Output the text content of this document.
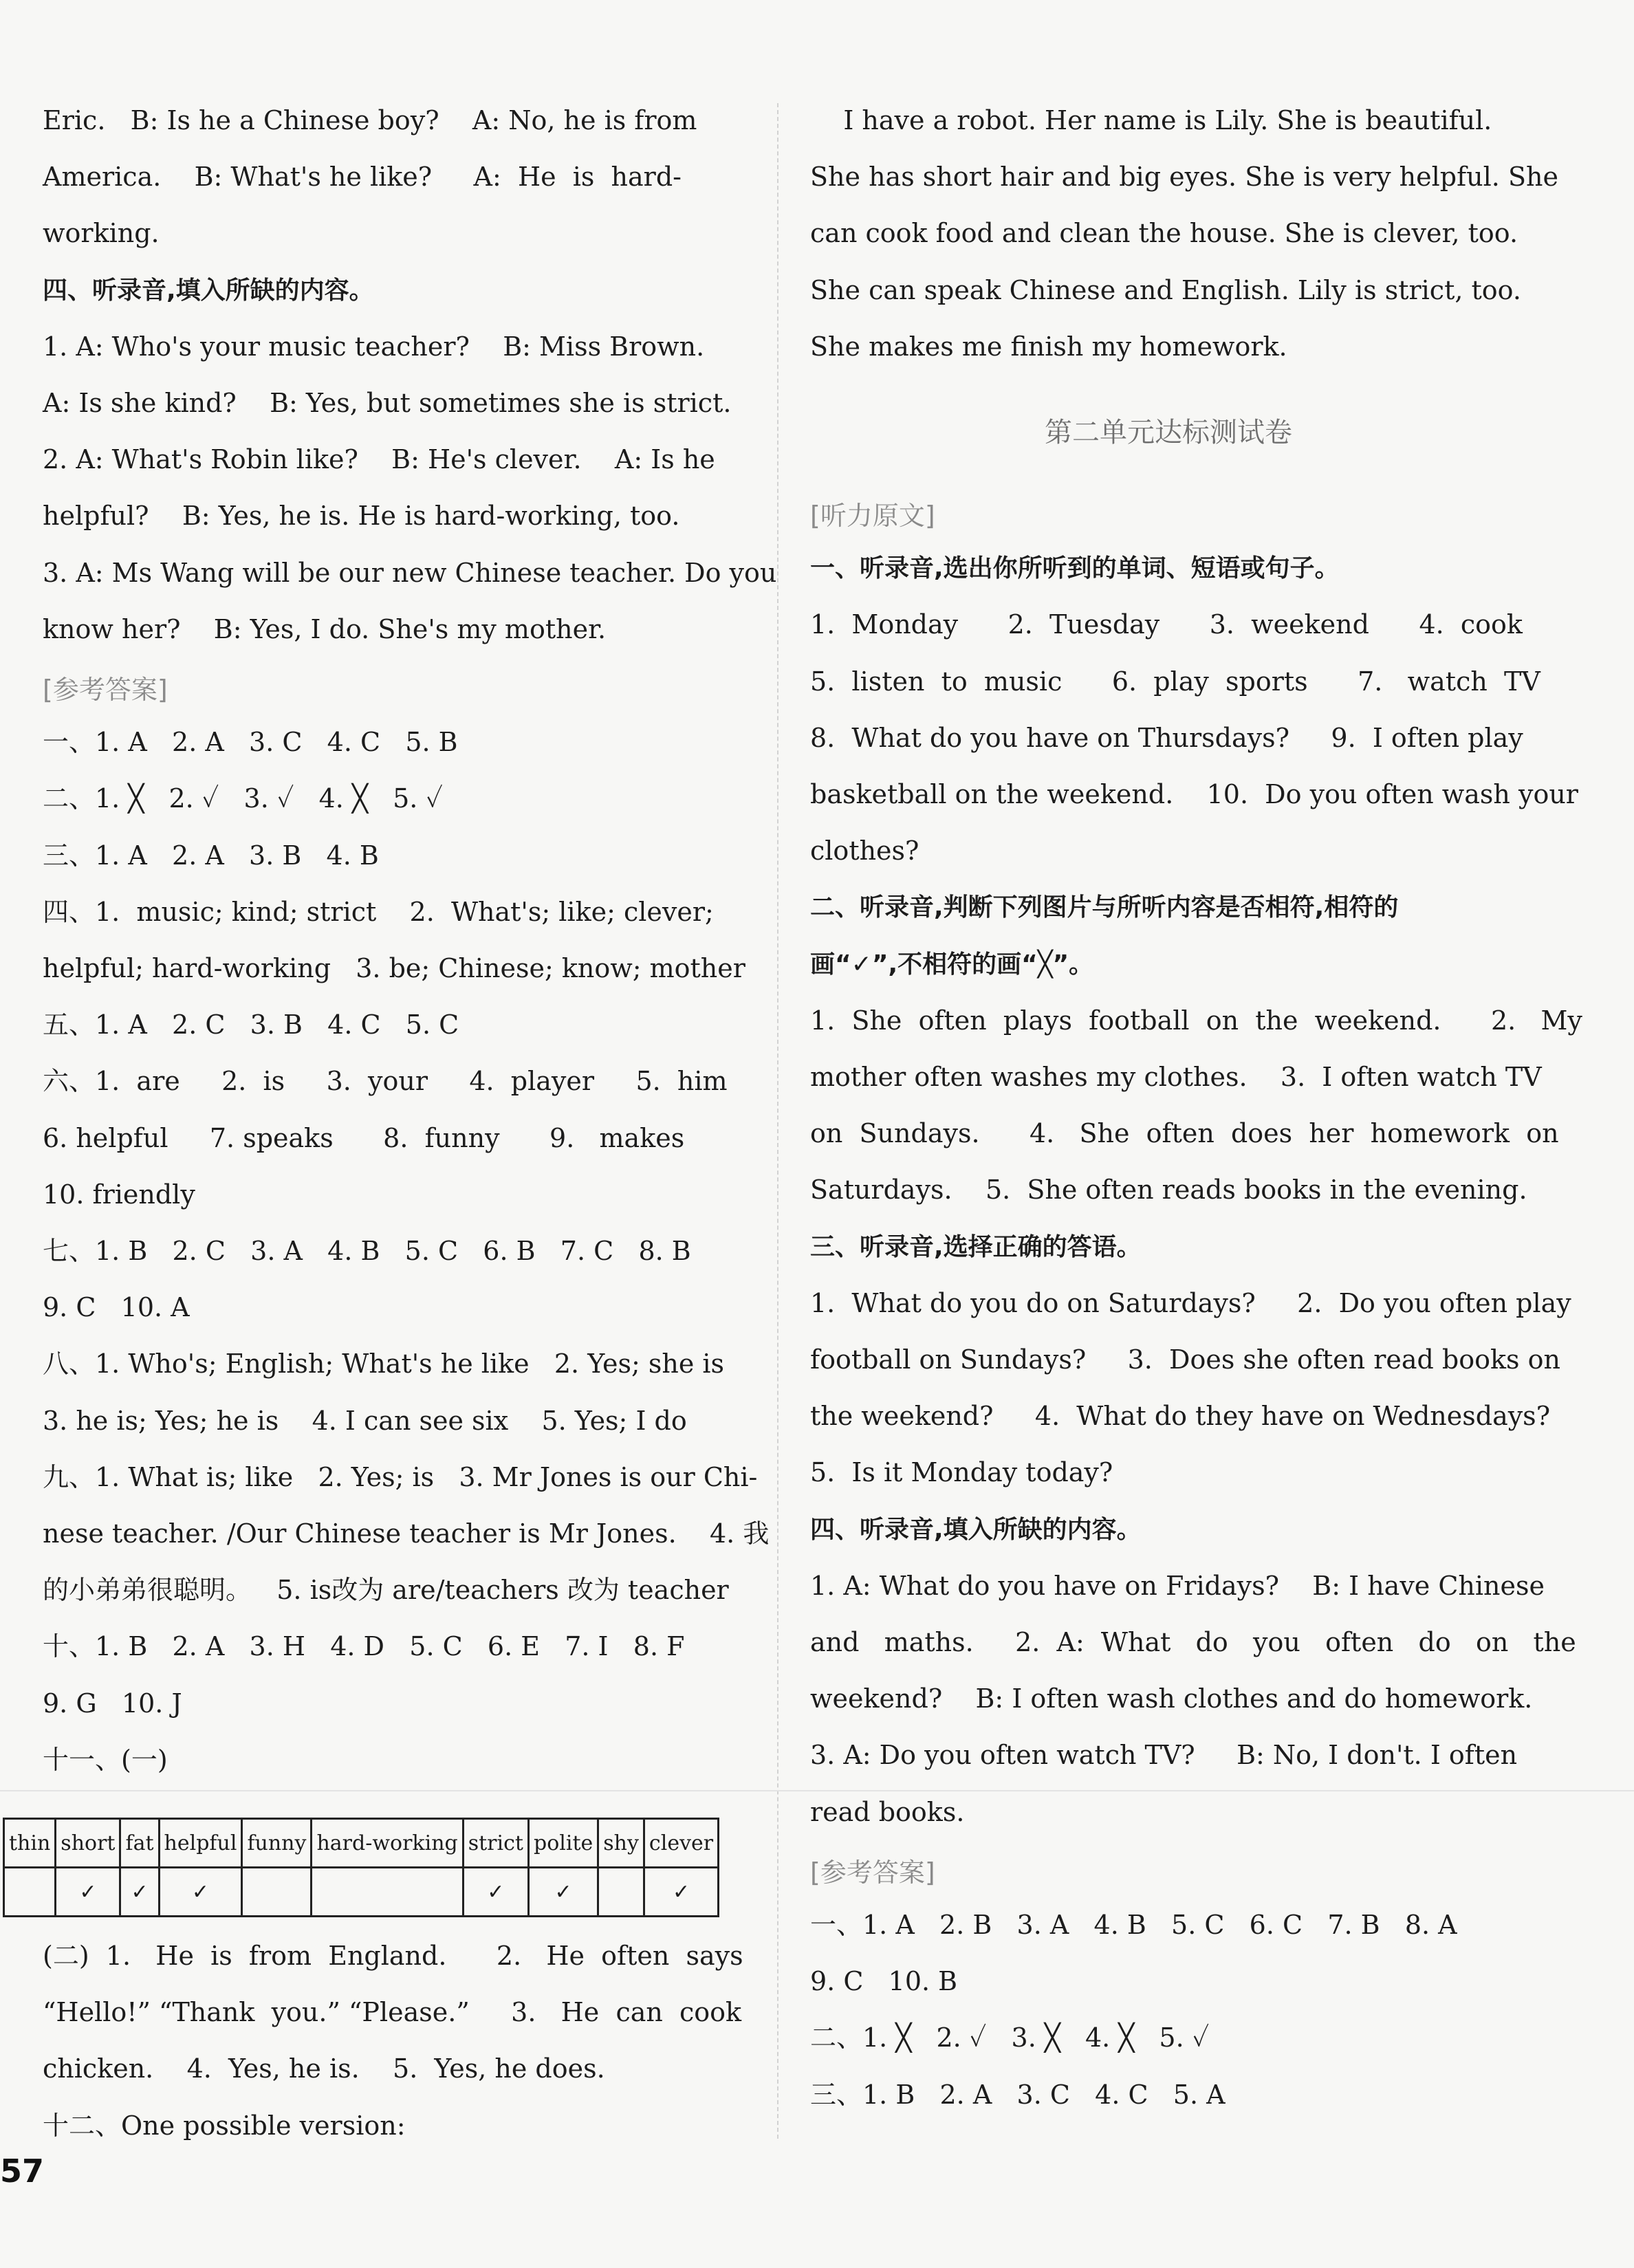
Eric.   B: Is he a Chinese boy?    A: No, he is from
America.    B: What's he like?     A:  He  is  hard-
working.
四、听录音,填入所缺的内容。
1. A: Who's your music teacher?    B: Miss Brown.
A: Is she kind?    B: Yes, but sometimes she is strict.
2. A: What's Robin like?    B: He's clever.    A: Is he
helpful?    B: Yes, he is. He is hard-working, too.
3. A: Ms Wang will be our new Chinese teacher. Do you
know her?    B: Yes, I do. She's my mother.
[参考答案]
一、1. A   2. A   3. C   4. C   5. B
二、1. ╳   2. ✓   3. ✓   4. ╳   5. ✓
三、1. A   2. A   3. B   4. B
四、1.  music; kind; strict    2.  What's; like; clever;
helpful; hard-working   3. be; Chinese; know; mother
五、1. A   2. C   3. B   4. C   5. C
六、1.  are     2.  is     3.  your     4.  player     5.  him
6. helpful     7. speaks      8.  funny      9.   makes
10. friendly
七、1. B   2. C   3. A   4. B   5. C   6. B   7. C   8. B
9. C   10. A
八、1. Who's; English; What's he like   2. Yes; she is
3. he is; Yes; he is    4. I can see six    5. Yes; I do
九、1. What is; like   2. Yes; is   3. Mr Jones is our Chi-
nese teacher. /Our Chinese teacher is Mr Jones.    4. 我
的小弟弟很聪明。   5. is改为 are/teachers 改为 teacher
十、1. B   2. A   3. H   4. D   5. C   6. E   7. I   8. F
9. G   10. J
十一、(一)
(二)  1.   He  is  from  England.      2.   He  often  says
“Hello!” “Thank  you.” “Please.”     3.   He  can  cook
chicken.    4.  Yes, he is.    5.  Yes, he does.
十二、One possible version:
第二单元达标测试卷
I have a robot. Her name is Lily. She is beautiful.
She has short hair and big eyes. She is very helpful. She
can cook food and clean the house. She is clever, too.
She can speak Chinese and English. Lily is strict, too.
She makes me finish my homework.
[听力原文]
一、听录音,选出你所听到的单词、短语或句子。
1.  Monday      2.  Tuesday      3.  weekend      4.  cook
5.  listen  to  music      6.  play  sports      7.   watch  TV
8.  What do you have on Thursdays?     9.  I often play
basketball on the weekend.    10.  Do you often wash your
clothes?
二、听录音,判断下列图片与所听内容是否相符,相符的
画“✓”,不相符的画“╳”。
1.  She  often  plays  football  on  the  weekend.      2.   My
mother often washes my clothes.    3.  I often watch TV
on  Sundays.      4.   She  often  does  her  homework  on
Saturdays.    5.  She often reads books in the evening.
三、听录音,选择正确的答语。
1.  What do you do on Saturdays?     2.  Do you often play
football on Sundays?     3.  Does she often read books on
the weekend?     4.  What do they have on Wednesdays?
5.  Is it Monday today?
四、听录音,填入所缺的内容。
1. A: What do you have on Fridays?    B: I have Chinese
and   maths.     2.  A:  What   do   you   often   do   on   the
weekend?    B: I often wash clothes and do homework.
3. A: Do you often watch TV?     B: No, I don't. I often
read books.
[参考答案]
一、1. A   2. B   3. A   4. B   5. C   6. C   7. B   8. A
9. C   10. B
二、1. ╳   2. ✓   3. ╳   4. ╳   5. ✓
三、1. B   2. A   3. C   4. C   5. A
thin	short	fat	helpful	funny	hard-working	strict	polite	shy	clever
	✓	✓	✓			✓	✓		✓
57
